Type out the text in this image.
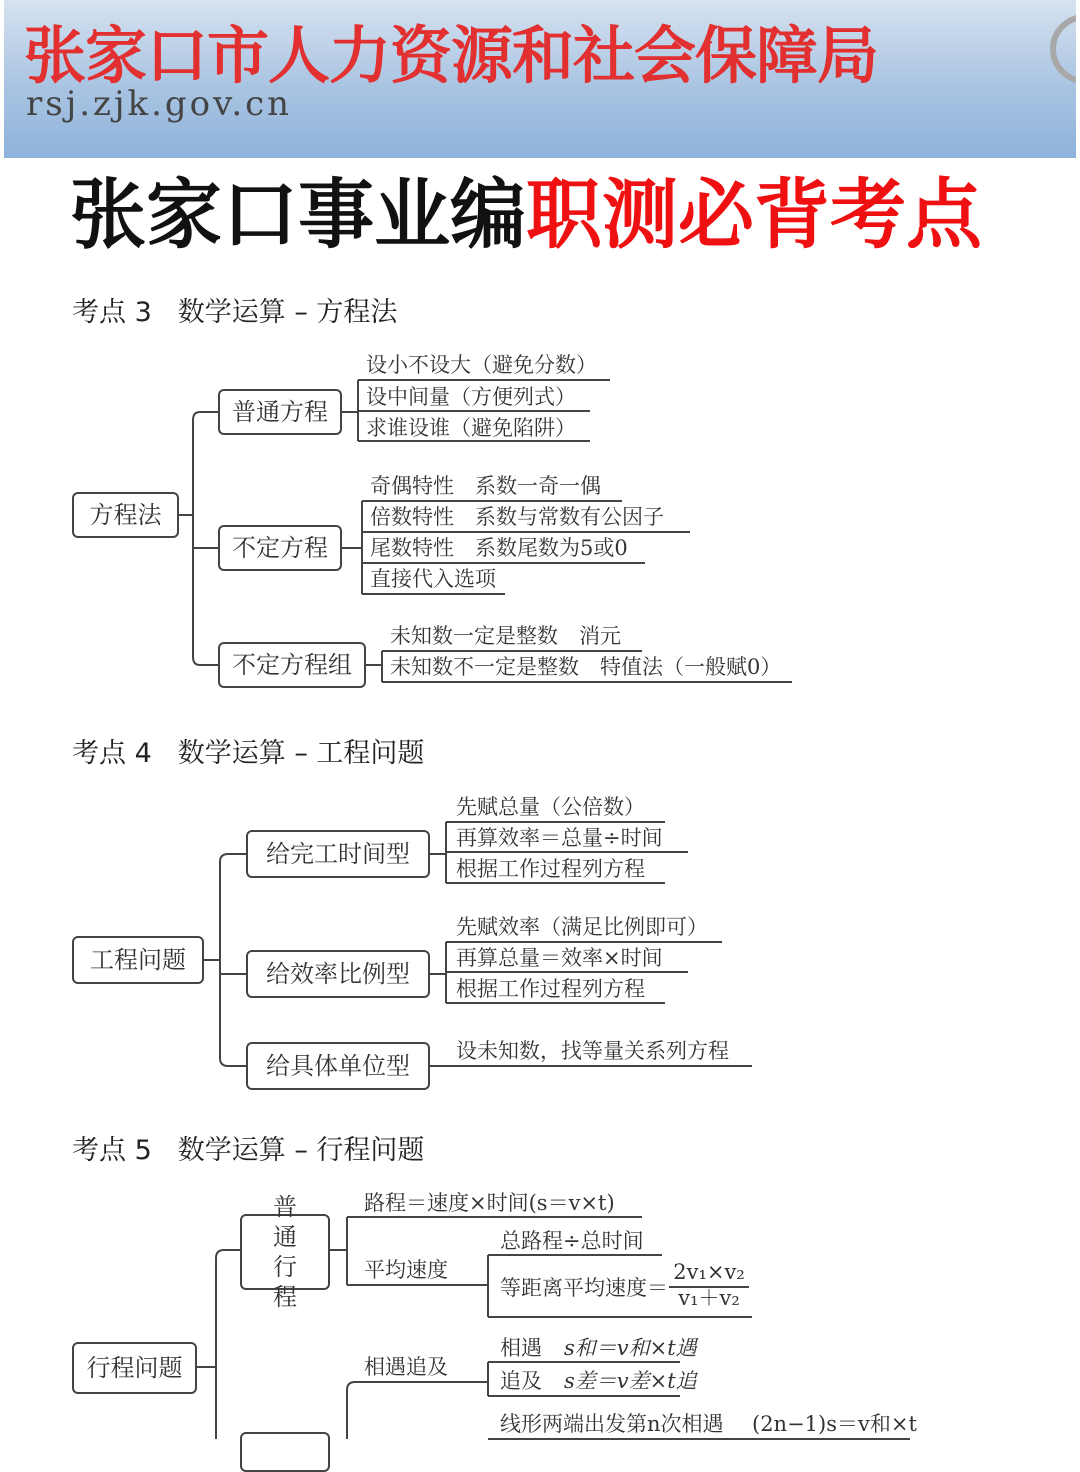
张家口市人力资源和社会保障局
rsj.zjk.gov.cn
张家口事业编职测必背考点
考点 3 数学运算 – 方程法
方程法
普通方程
不定方程
不定方程组
设小不设大（避免分数）
设中间量（方便列式）
求谁设谁（避免陷阱）
奇偶特性　系数一奇一偶
倍数特性　系数与常数有公因子
尾数特性　系数尾数为5或0
直接代入选项
未知数一定是整数　消元
未知数不一定是整数　特值法（一般赋0）
考点 4 数学运算 – 工程问题
工程问题
给完工时间型
给效率比例型
给具体单位型
先赋总量（公倍数）
再算效率＝总量÷时间
根据工作过程列方程
先赋效率（满足比例即可）
再算总量＝效率×时间
根据工作过程列方程
设未知数，找等量关系列方程
考点 5 数学运算 – 行程问题
行程问题
普通行程
路程＝速度×时间(s＝v×t)
平均速度
总路程÷总时间
等距离平均速度＝
2v₁×v₂
v₁＋v₂
相遇追及
相遇 s和＝v和×t遇
追及 s差＝v差×t追
线形两端出发第n次相遇 (2n−1)s＝v和×t
